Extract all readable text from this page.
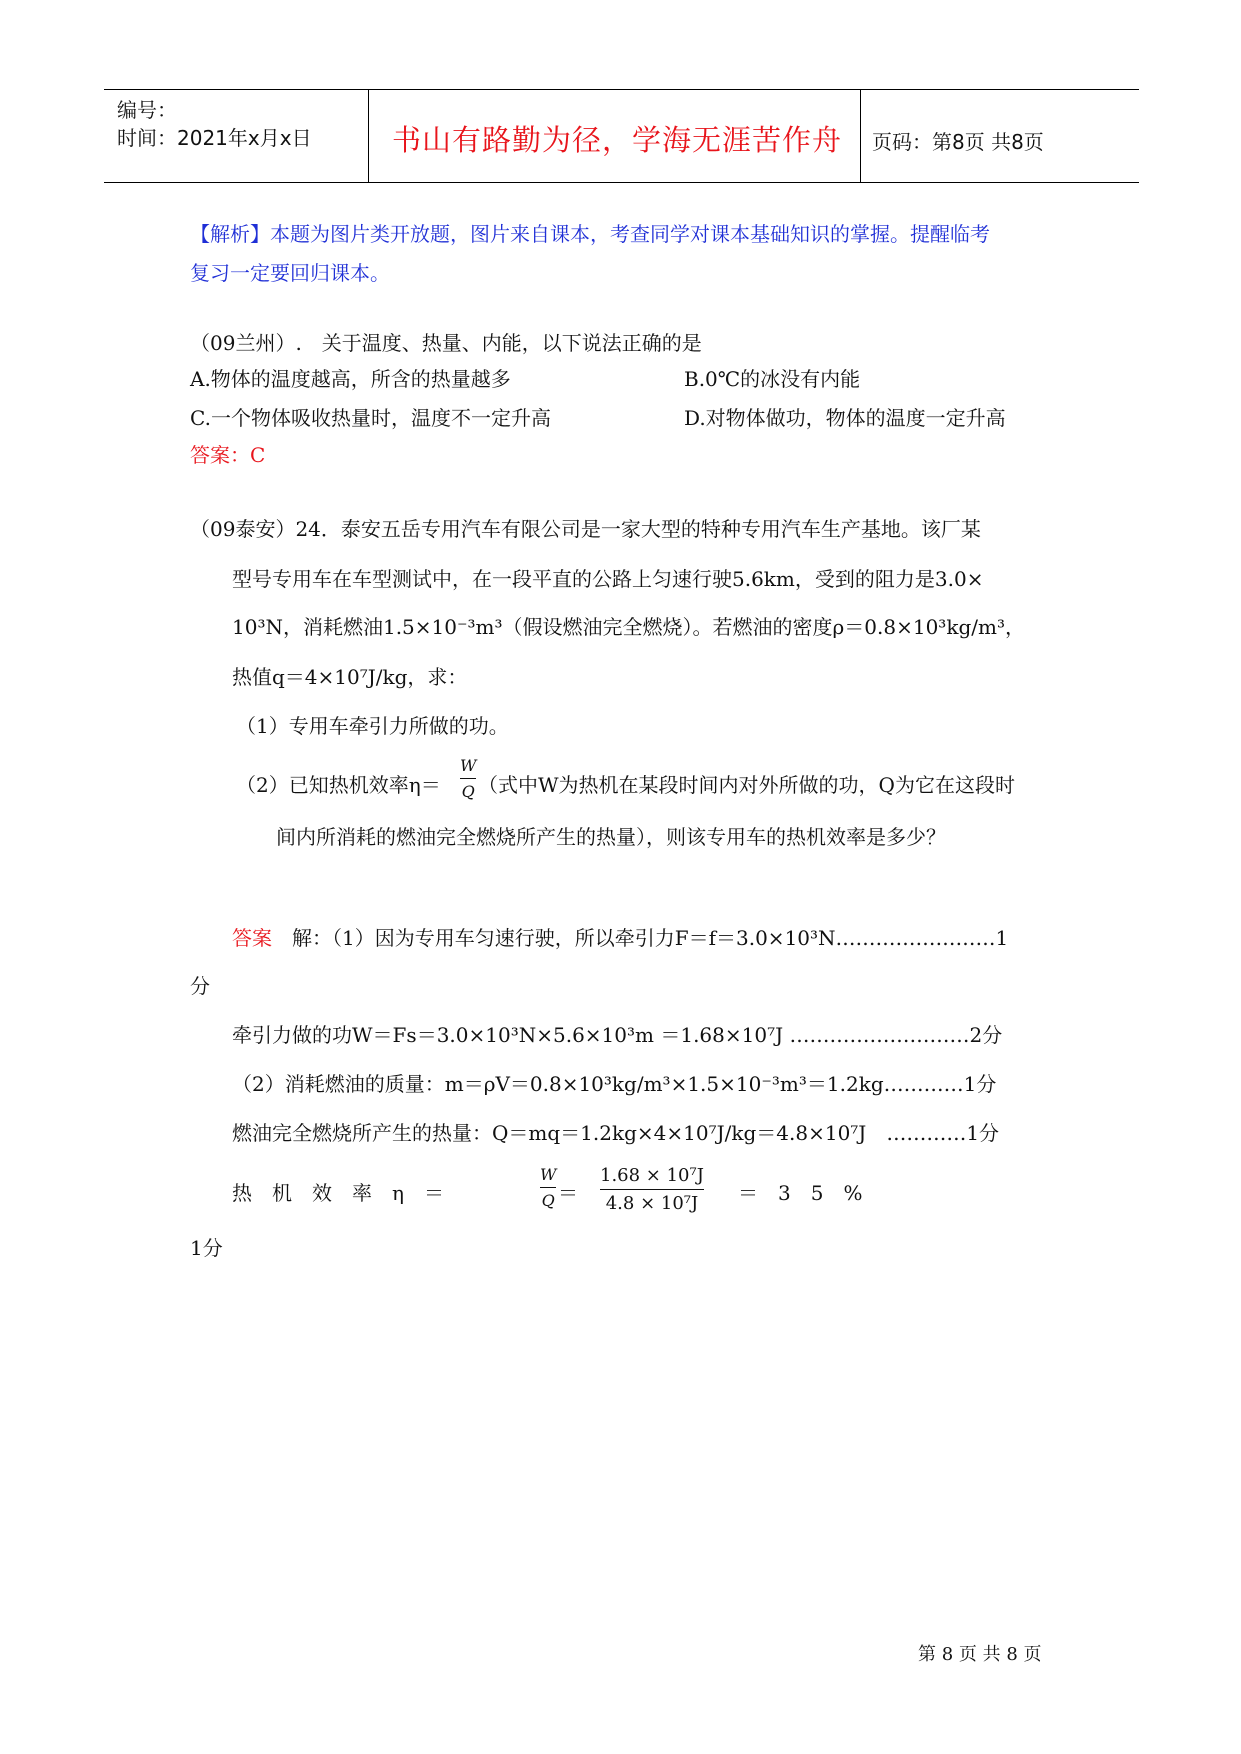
编号：
时间：2021年x月x日	书山有路勤为径，学海无涯苦作舟 页码：第8页 共8页
【解析】本题为图片类开放题，图片来自课本，考查同学对课本基础知识的掌握。提醒临考
复习一定要回归课本。
（09兰州）.　关于温度、热量、内能，以下说法正确的是
A.物体的温度越高，所含的热量越多	B.0℃的冰没有内能
C.一个物体吸收热量时，温度不一定升高	D.对物体做功，物体的温度一定升高
答案：C
（09泰安）24．泰安五岳专用汽车有限公司是一家大型的特种专用汽车生产基地。该厂某
型号专用车在车型测试中，在一段平直的公路上匀速行驶5.6km，受到的阻力是3.0×
10³N，消耗燃油1.5×10⁻³m³（假设燃油完全燃烧）。若燃油的密度ρ＝0.8×10³kg/m³，
热值q＝4×10⁷J/kg，求：
（1）专用车牵引力所做的功。
（2）已知热机效率η＝
W
Q （式中W为热机在某段时间内对外所做的功，Q为它在这段时
间内所消耗的燃油完全燃烧所产生的热量），则该专用车的热机效率是多少？
答案　 解：（1）因为专用车匀速行驶，所以牵引力F＝f＝3.0×10³N……………………1
分
牵引力做的功W＝Fs＝3.0×10³N×5.6×10³m ＝1.68×10⁷J ………………………2分
（2）消耗燃油的质量：m＝ρV＝0.8×10³kg/m³×1.5×10⁻³m³＝1.2kg…………1分
燃油完全燃烧所产生的热量：Q＝mq＝1.2kg×4×10⁷J/kg＝4.8×10⁷J　…………1分
热　机　效　率　η　＝
W
Q ＝
1.68 × 10⁷J
4.8 × 10⁷J ＝　3　5　%
1分
第 8 页 共 8 页
